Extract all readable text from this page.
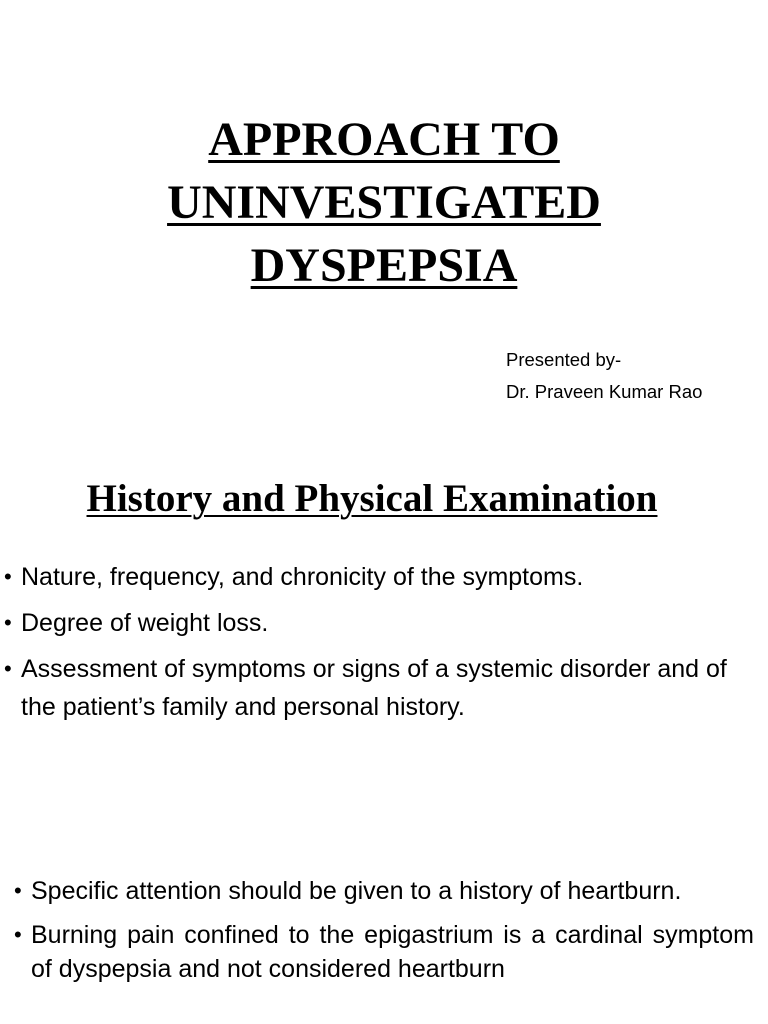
APPROACH TO
UNINVESTIGATED
DYSPEPSIA
Presented by-
Dr. Praveen Kumar Rao
History and Physical Examination
• Nature, frequency, and chronicity of the symptoms.
• Degree of weight loss.
• Assessment of symptoms or signs of a systemic disorder and of the patient’s family and personal history.
• Specific attention should be given to a history of heartburn.
• Burning pain confined to the epigastrium is a cardinal symptom of dyspepsia and not considered heartburn
